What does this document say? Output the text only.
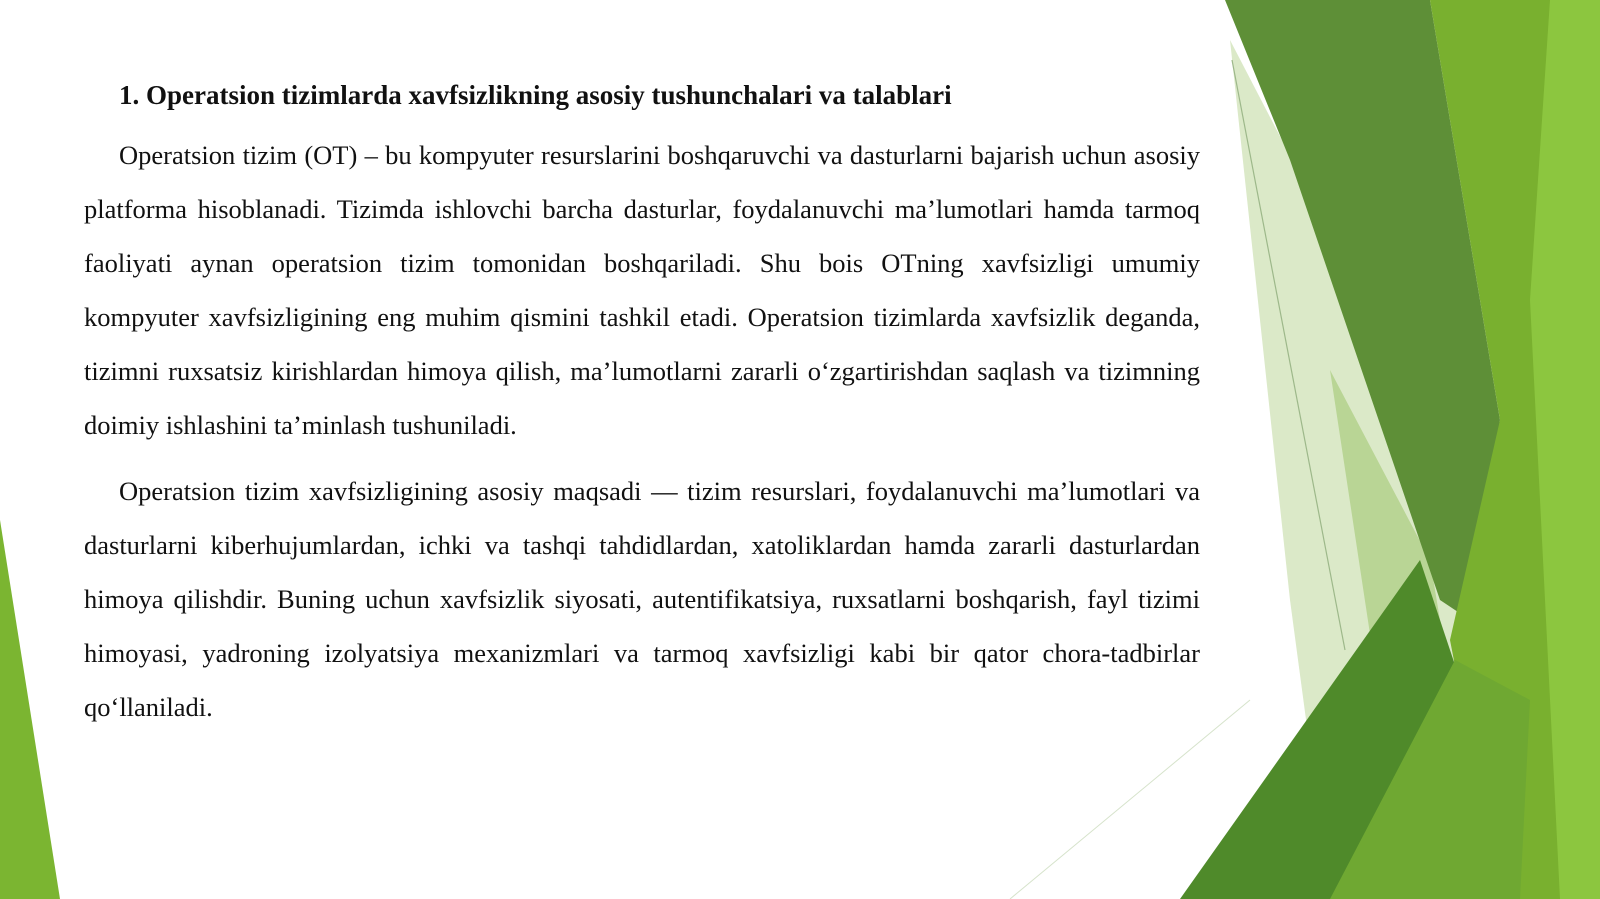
1. Operatsion tizimlarda xavfsizlikning asosiy tushunchalari va talablari

Operatsion tizim (OT) – bu kompyuter resurslarini boshqaruvchi va dasturlarni bajarish uchun asosiy platforma hisoblanadi. Tizimda ishlovchi barcha dasturlar, foydalanuvchi ma’lumotlari hamda tarmoq faoliyati aynan operatsion tizim tomonidan boshqariladi. Shu bois OTning xavfsizligi umumiy kompyuter xavfsizligining eng muhim qismini tashkil etadi. Operatsion tizimlarda xavfsizlik deganda, tizimni ruxsatsiz kirishlardan himoya qilish, ma’lumotlarni zararli o‘zgartirishdan saqlash va tizimning doimiy ishlashini ta’minlash tushuniladi.

Operatsion tizim xavfsizligining asosiy maqsadi — tizim resurslari, foydalanuvchi ma’lumotlari va dasturlarni kiberhujumlardan, ichki va tashqi tahdidlardan, xatoliklardan hamda zararli dasturlardan himoya qilishdir. Buning uchun xavfsizlik siyosati, autentifikatsiya, ruxsatlarni boshqarish, fayl tizimi himoyasi, yadroning izolyatsiya mexanizmlari va tarmoq xavfsizligi kabi bir qator chora-tadbirlar qo‘llaniladi.
